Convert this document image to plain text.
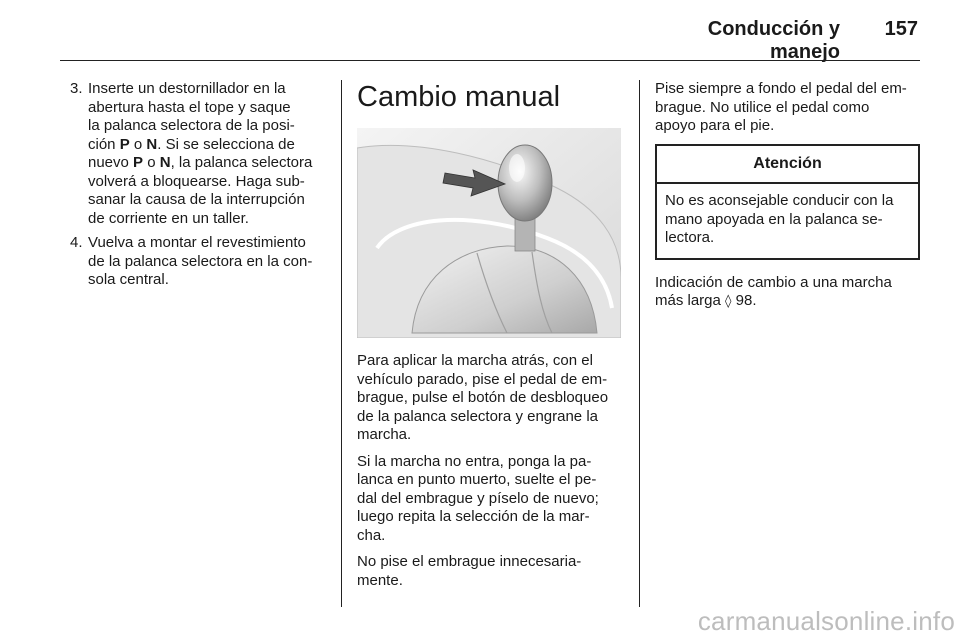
Conducción y manejo
157
3. Inserte un destornillador en la
abertura hasta el tope y saque
la palanca selectora de la posi-
ción P o N. Si se selecciona de
nuevo P o N, la palanca selectora
volverá a bloquearse. Haga sub-
sanar la causa de la interrupción
de corriente en un taller.
4. Vuelva a montar el revestimiento
de la palanca selectora en la con-
sola central.
Cambio manual

Para aplicar la marcha atrás, con el
vehículo parado, pise el pedal de em-
brague, pulse el botón de desbloqueo
de la palanca selectora y engrane la
marcha.

Si la marcha no entra, ponga la pa-
lanca en punto muerto, suelte el pe-
dal del embrague y píselo de nuevo;
luego repita la selección de la mar-
cha.

No pise el embrague innecesaria-
mente.

Pise siempre a fondo el pedal del em-
brague. No utilice el pedal como
apoyo para el pie.

Atención
No es aconsejable conducir con la
mano apoyada en la palanca se-
lectora.

Indicación de cambio a una marcha
más larga ◊ 98.

carmanualsonline.info
